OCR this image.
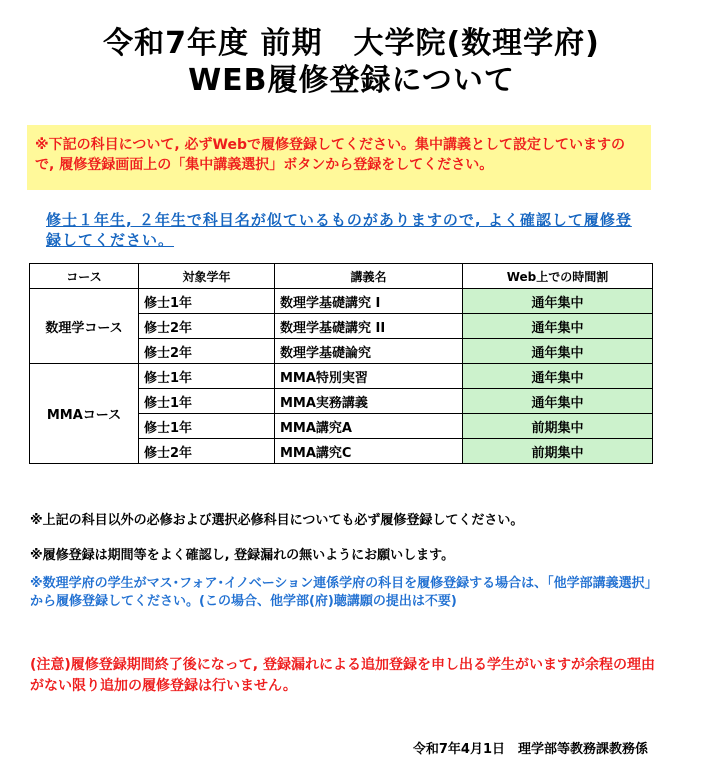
令和7年度 前期　大学院(数理学府)
WEB履修登録について
※下記の科目について, 必ずWebで履修登録してください。集中講義として設定していますので, 履修登録画面上の「集中講義選択」ボタンから登録をしてください。
修士１年生, ２年生で科目名が似ているものがありますので, よく確認して履修登録してください。
コース	対象学年	講義名	Web上での時間割
数理学コース	修士1年	数理学基礎講究 I	通年集中
	修士2年	数理学基礎講究 II	通年集中
	修士2年	数理学基礎論究	通年集中
MMAコース	修士1年	MMA特別実習	通年集中
	修士1年	MMA実務講義	通年集中
	修士1年	MMA講究A	前期集中
	修士2年	MMA講究C	前期集中
※上記の科目以外の必修および選択必修科目についても必ず履修登録してください。
※履修登録は期間等をよく確認し, 登録漏れの無いようにお願いします。
※数理学府の学生がマス･フォア･イノベーション連係学府の科目を履修登録する場合は、「他学部講義選択」から履修登録してください。(この場合、他学部(府)聴講願の提出は不要)
(注意)履修登録期間終了後になって, 登録漏れによる追加登録を申し出る学生がいますが余程の理由がない限り追加の履修登録は行いません。
令和7年4月1日　理学部等教務課教務係
